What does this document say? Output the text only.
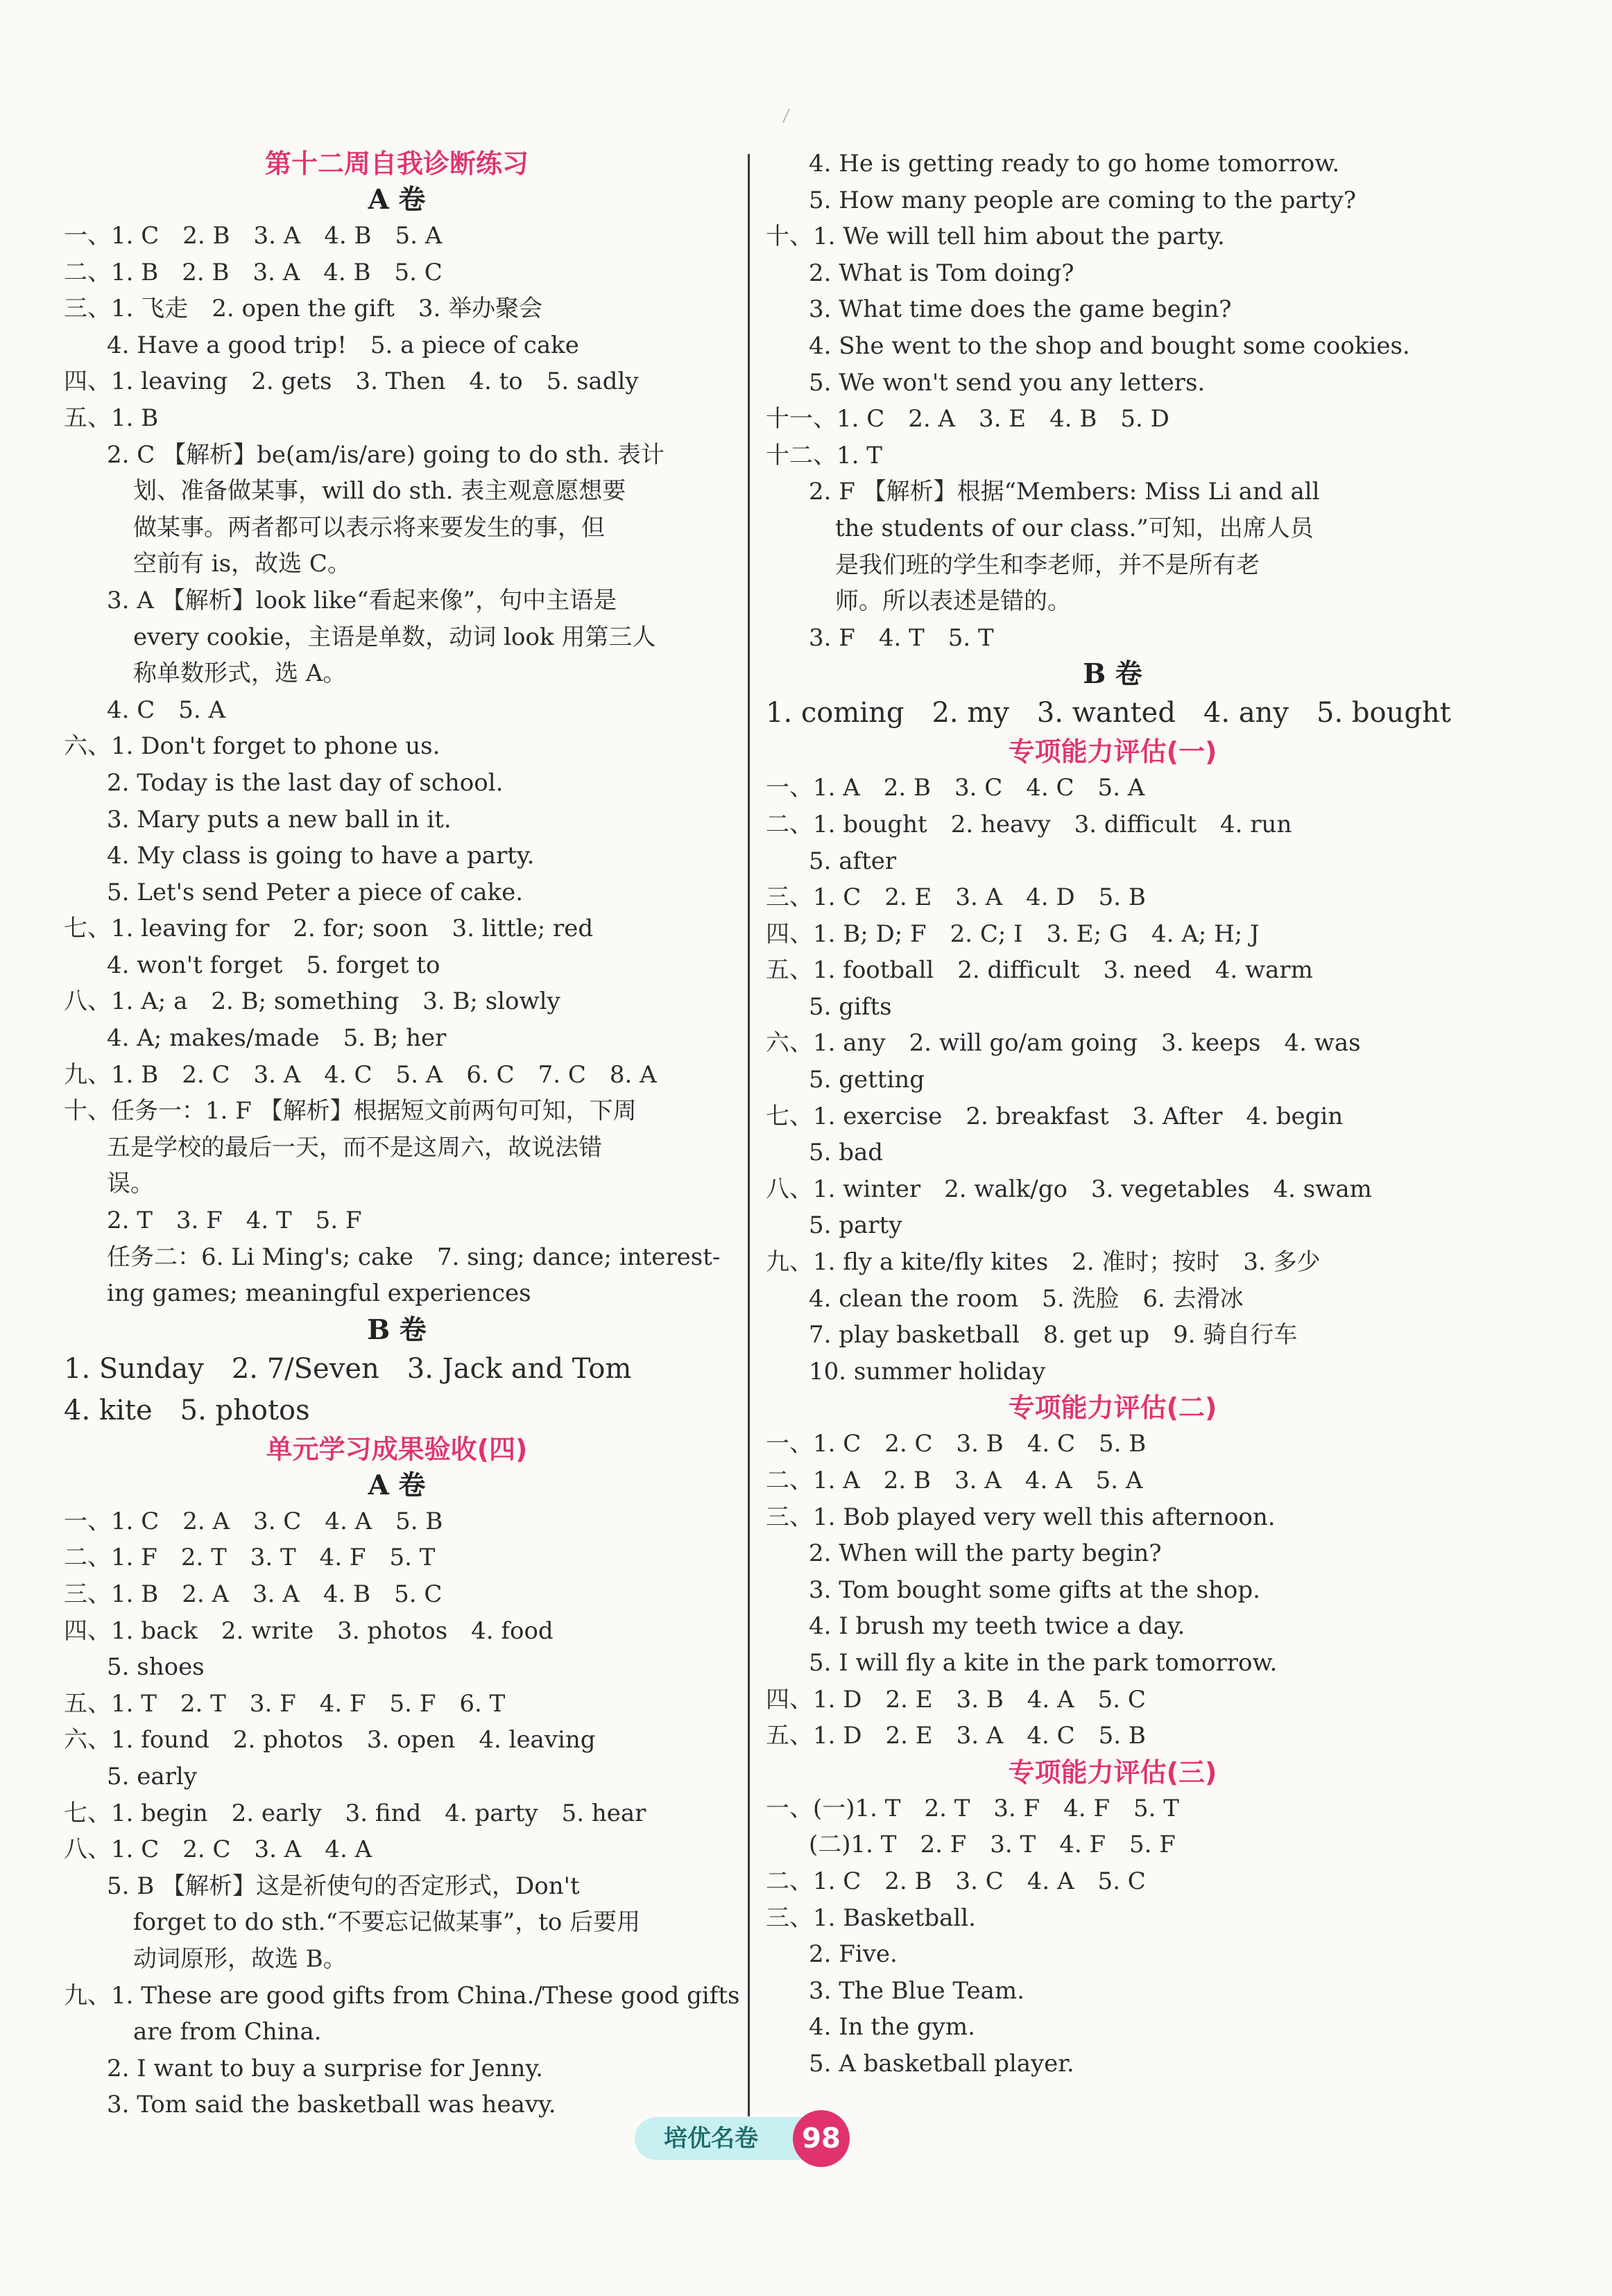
第十二周自我诊断练习
A 卷
一、1. C　2. B　3. A　4. B　5. A
二、1. B　2. B　3. A　4. B　5. C
三、1. 飞走　2. open the gift　3. 举办聚会
4. Have a good trip!　5. a piece of cake
四、1. leaving　2. gets　3. Then　4. to　5. sadly
五、1. B
2. C 【解析】be(am/is/are) going to do sth. 表计
划、准备做某事，will do sth. 表主观意愿想要
做某事。两者都可以表示将来要发生的事，但
空前有 is，故选 C。
3. A 【解析】look like“看起来像”，句中主语是
every cookie，主语是单数，动词 look 用第三人
称单数形式，选 A。
4. C　5. A
六、1. Don't forget to phone us.
2. Today is the last day of school.
3. Mary puts a new ball in it.
4. My class is going to have a party.
5. Let's send Peter a piece of cake.
七、1. leaving for　2. for; soon　3. little; red
4. won't forget　5. forget to
八、1. A; a　2. B; something　3. B; slowly
4. A; makes/made　5. B; her
九、1. B　2. C　3. A　4. C　5. A　6. C　7. C　8. A
十、任务一：1. F 【解析】根据短文前两句可知，下周
五是学校的最后一天，而不是这周六，故说法错
误。
2. T　3. F　4. T　5. F
任务二：6. Li Ming's; cake　7. sing; dance; interest-
ing games; meaningful experiences
B 卷
1. Sunday　2. 7/Seven　3. Jack and Tom
4. kite　5. photos
单元学习成果验收(四)
A 卷
一、1. C　2. A　3. C　4. A　5. B
二、1. F　2. T　3. T　4. F　5. T
三、1. B　2. A　3. A　4. B　5. C
四、1. back　2. write　3. photos　4. food
5. shoes
五、1. T　2. T　3. F　4. F　5. F　6. T
六、1. found　2. photos　3. open　4. leaving
5. early
七、1. begin　2. early　3. find　4. party　5. hear
八、1. C　2. C　3. A　4. A
5. B 【解析】这是祈使句的否定形式，Don't
forget to do sth.“不要忘记做某事”，to 后要用
动词原形，故选 B。
九、1. These are good gifts from China./These good gifts
are from China.
2. I want to buy a surprise for Jenny.
3. Tom said the basketball was heavy.
4. He is getting ready to go home tomorrow.
5. How many people are coming to the party?
十、1. We will tell him about the party.
2. What is Tom doing?
3. What time does the game begin?
4. She went to the shop and bought some cookies.
5. We won't send you any letters.
十一、1. C　2. A　3. E　4. B　5. D
十二、1. T
2. F 【解析】根据“Members: Miss Li and all
the students of our class.”可知，出席人员
是我们班的学生和李老师，并不是所有老
师。所以表述是错的。
3. F　4. T　5. T
B 卷
1. coming　2. my　3. wanted　4. any　5. bought
专项能力评估(一)
一、1. A　2. B　3. C　4. C　5. A
二、1. bought　2. heavy　3. difficult　4. run
5. after
三、1. C　2. E　3. A　4. D　5. B
四、1. B; D; F　2. C; I　3. E; G　4. A; H; J
五、1. football　2. difficult　3. need　4. warm
5. gifts
六、1. any　2. will go/am going　3. keeps　4. was
5. getting
七、1. exercise　2. breakfast　3. After　4. begin
5. bad
八、1. winter　2. walk/go　3. vegetables　4. swam
5. party
九、1. fly a kite/fly kites　2. 准时；按时　3. 多少
4. clean the room　5. 洗脸　6. 去滑冰
7. play basketball　8. get up　9. 骑自行车
10. summer holiday
专项能力评估(二)
一、1. C　2. C　3. B　4. C　5. B
二、1. A　2. B　3. A　4. A　5. A
三、1. Bob played very well this afternoon.
2. When will the party begin?
3. Tom bought some gifts at the shop.
4. I brush my teeth twice a day.
5. I will fly a kite in the park tomorrow.
四、1. D　2. E　3. B　4. A　5. C
五、1. D　2. E　3. A　4. C　5. B
专项能力评估(三)
一、(一)1. T　2. T　3. F　4. F　5. T
(二)1. T　2. F　3. T　4. F　5. F
二、1. C　2. B　3. C　4. A　5. C
三、1. Basketball.
2. Five.
3. The Blue Team.
4. In the gym.
5. A basketball player.
培优名卷	98
